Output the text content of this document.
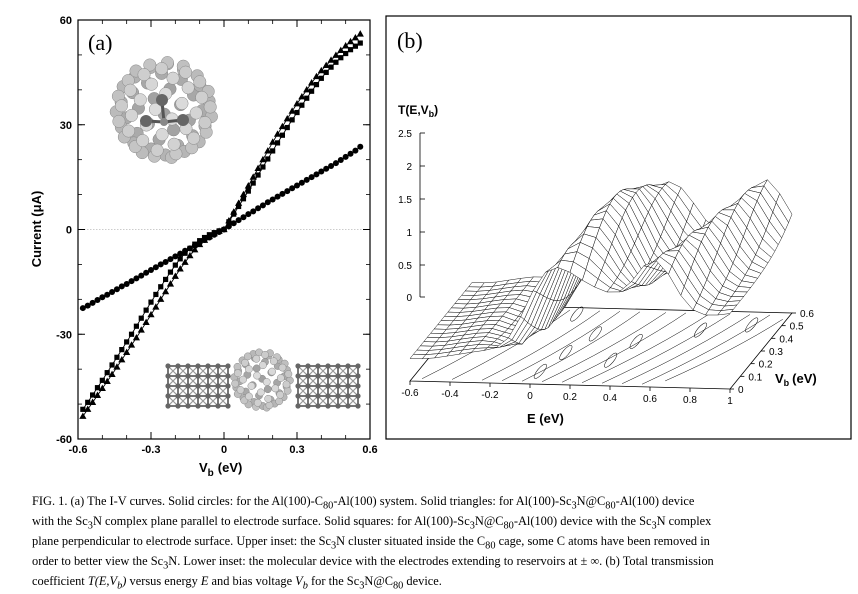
(a)
-0.6	-0.3	0	0.3	0.6
-60
-30
0
30
60
$V_b$ (eV)
Current (μA)
(b)
$T(E,V_b)$
2.5
2
1.5
1
0.5
0
-0.6 -0.4 -0.2	0	0.2	0.4	0.6	0.8	1
0
0.1
0.2
0.3
0.4
0.5
0.6
E (eV)
$V_b$ (eV)
FIG. 1. (a) The I-V curves. Solid circles: for the $Al(100)-C_{80}-Al(100)$ system. Solid triangles: for $Al(100)-Sc_3N@C_{80}-Al(100)$ device
with the $Sc_3N$ complex plane parallel to electrode surface. Solid squares: for $Al(100)-Sc_3N@C_{80}-Al(100)$ device with the $Sc_3N$ complex
plane perpendicular to electrode surface. Upper inset: the $Sc_3N$ cluster situated inside the $C_{80}$ cage, some C atoms have been removed in
order to better view the $Sc_3N$. Lower inset: the molecular device with the electrodes extending to reservoirs at ± ∞. (b) Total transmission
coefficient $T(E,V_b)$ versus energy E and bias voltage $V_b$ for the $Sc_3N@C_{80}$ device.
